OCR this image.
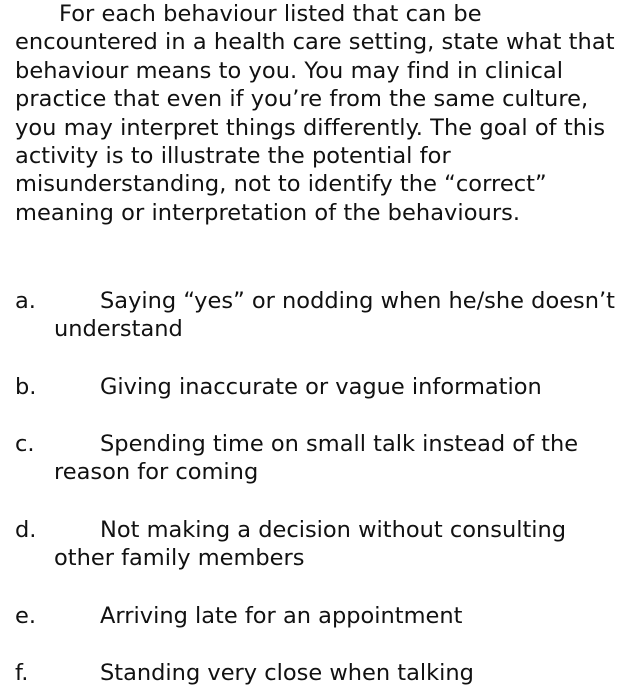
For each behaviour listed that can be encountered in a health care setting, state what that behaviour means to you. You may find in clinical practice that even if you’re from the same culture, you may interpret things differently. The goal of this activity is to illustrate the potential for misunderstanding, not to identify the “correct” meaning or interpretation of the behaviours.

a.	Saying “yes” or nodding when he/she doesn’t understand
b.	Giving inaccurate or vague information
c.	Spending time on small talk instead of the reason for coming
d.	Not making a decision without consulting other family members
e.	Arriving late for an appointment
f.	Standing very close when talking
